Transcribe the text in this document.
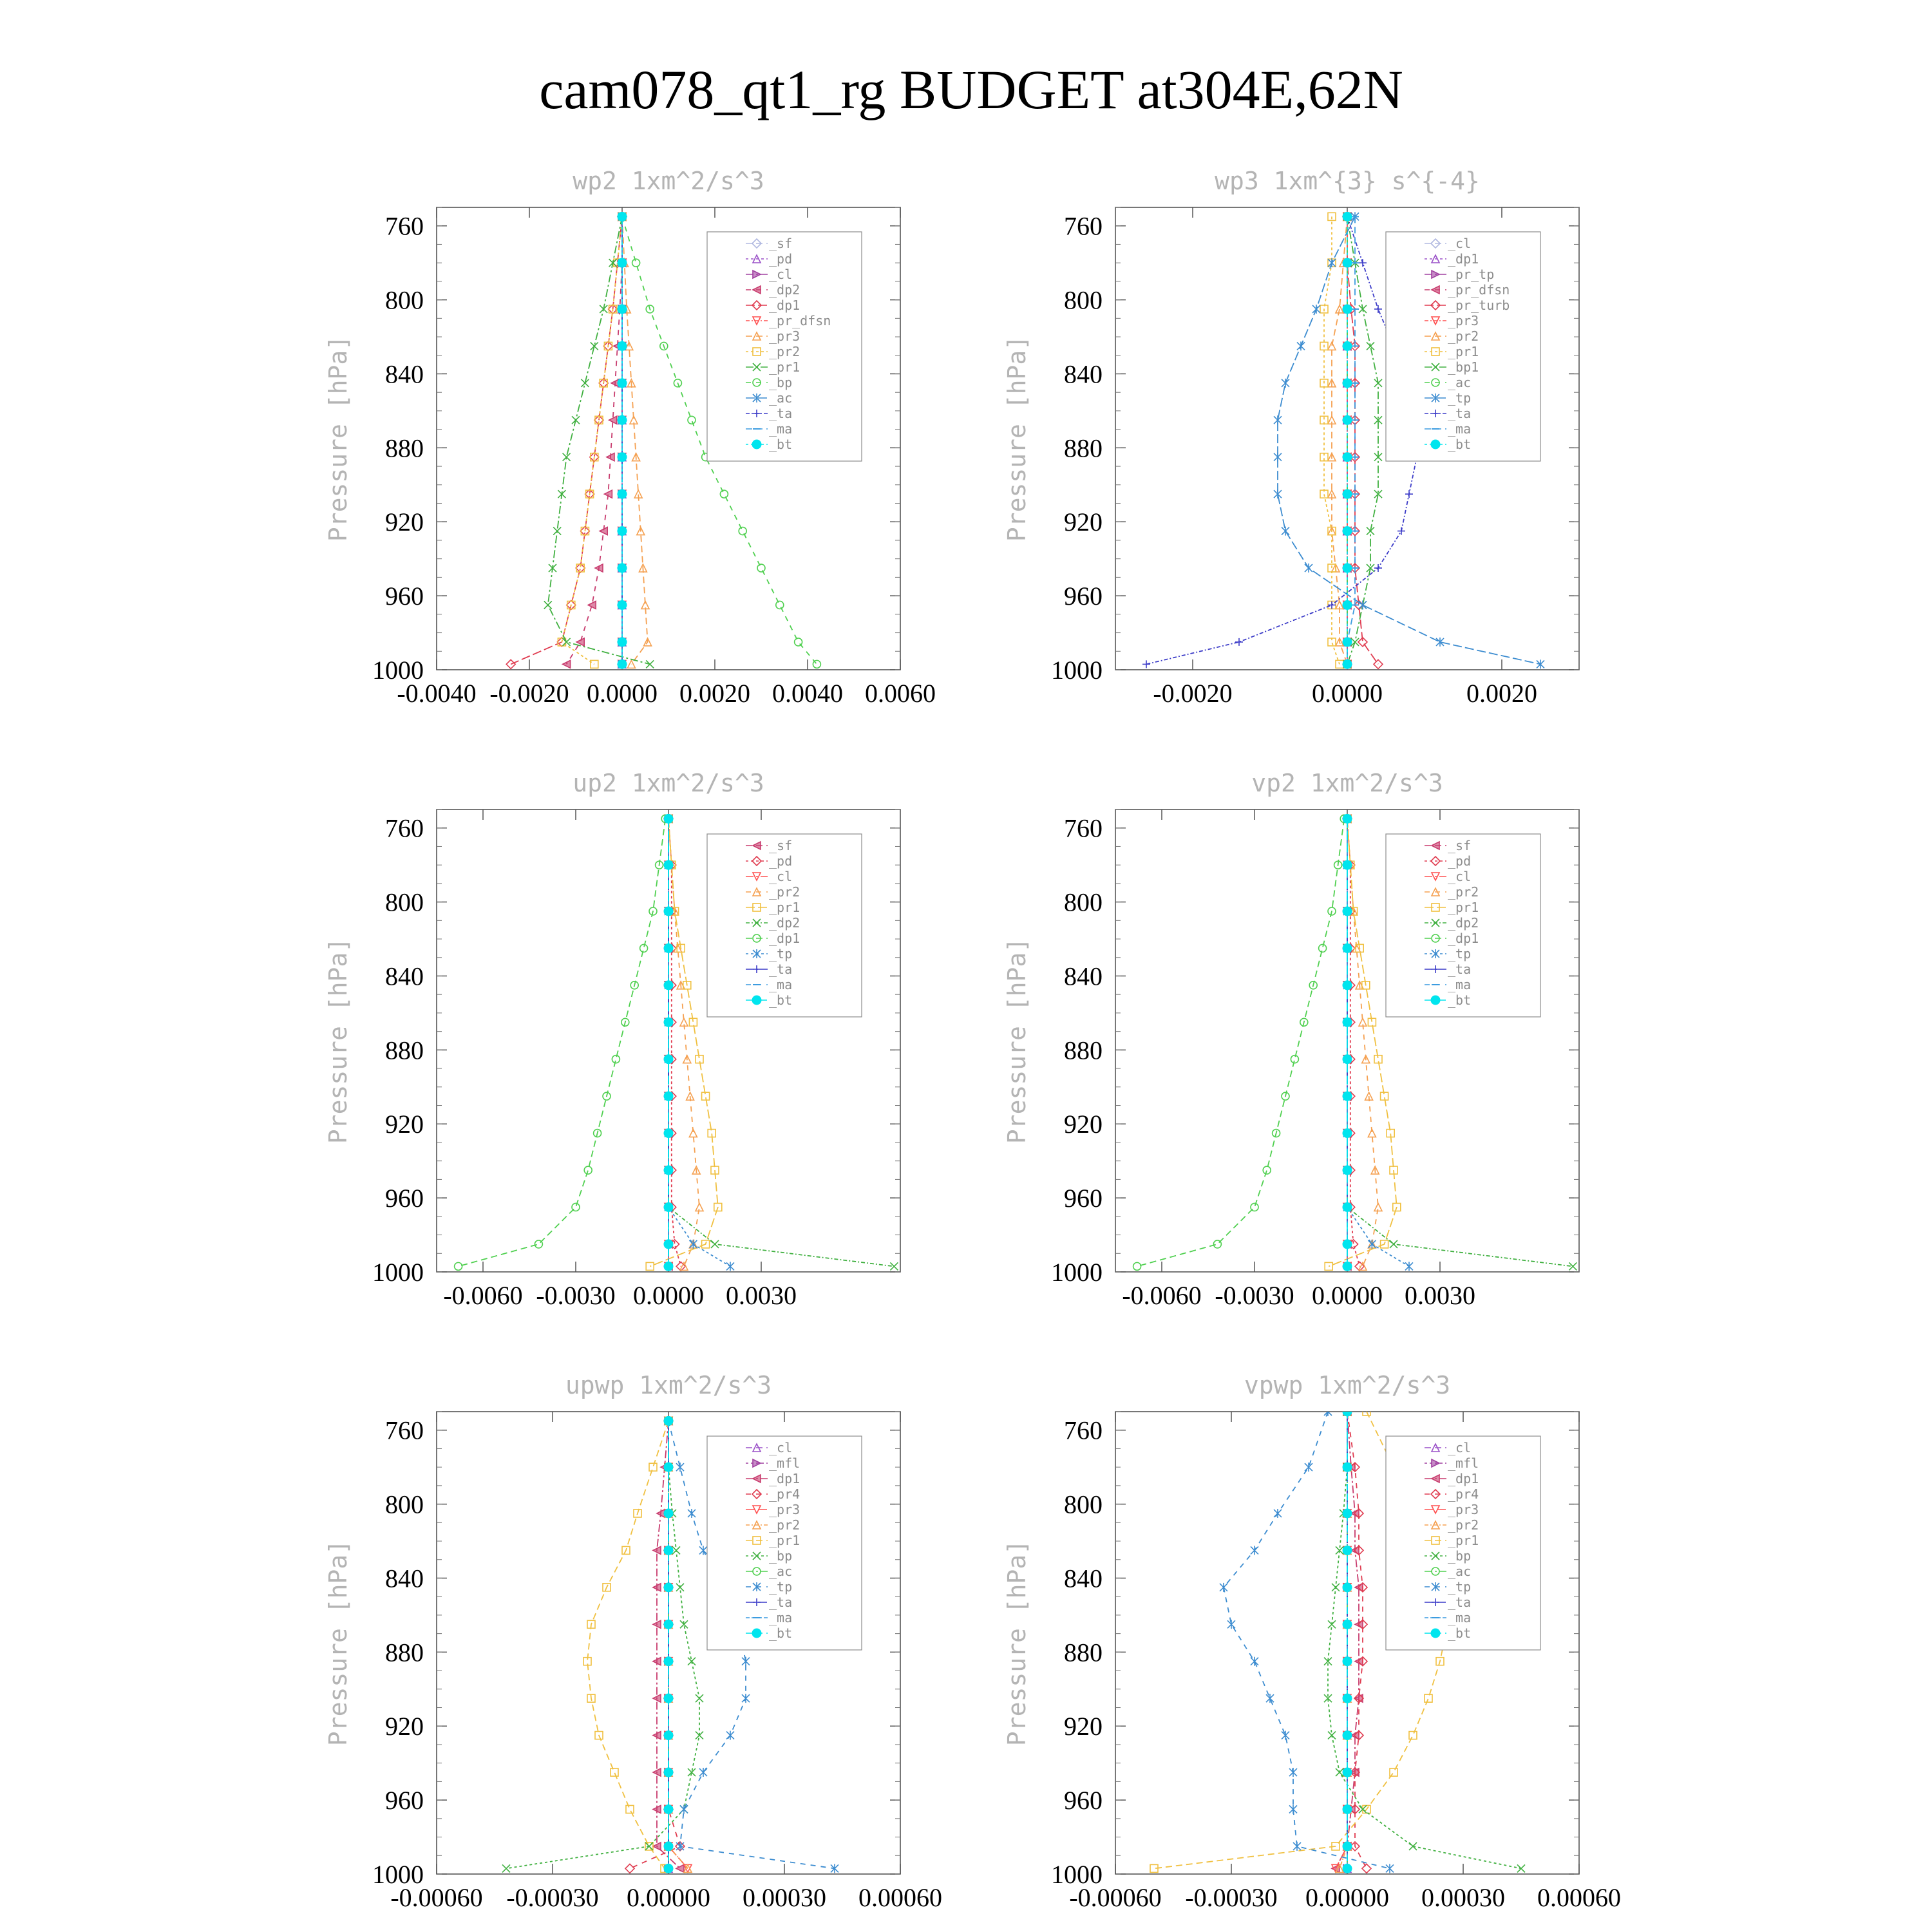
cam078_qt1_rg BUDGET at304E,62N
wp2 1xm^2/s^3
Pressure [hPa]
760
800
840
880
920
960
1000
-0.0040 -0.0020 0.0000 0.0020 0.0040 0.0060
_sf
_pd
_cl
_dp2
_dp1
_pr_dfsn
_pr3
_pr2
_pr1
_bp
_ac
_ta
_ma
_bt
wp3 1xm^{3} s^{-4}
Pressure [hPa]
760
800
840
880
920
960
1000
-0.0020	0.0000	0.0020
_cl
_dp1
_pr_tp
_pr_dfsn
_pr_turb
_pr3
_pr2
_pr1
_bp1
_ac
_tp
_ta
_ma
_bt
up2 1xm^2/s^3
Pressure [hPa]
760
800
840
880
920
960
1000
-0.0060 -0.0030 0.0000 0.0030
_sf
_pd
_cl
_pr2
_pr1
_dp2
_dp1
_tp
_ta
_ma
_bt
vp2 1xm^2/s^3
Pressure [hPa]
760
800
840
880
920
960
1000
-0.0060 -0.0030 0.0000 0.0030
_sf
_pd
_cl
_pr2
_pr1
_dp2
_dp1
_tp
_ta
_ma
_bt
upwp 1xm^2/s^3
Pressure [hPa]
760
800
840
880
920
960
1000
-0.00060 -0.00030 0.00000 0.00030 0.00060
_cl
_mfl
_dp1
_pr4
_pr3
_pr2
_pr1
_bp
_ac
_tp
_ta
_ma
_bt
vpwp 1xm^2/s^3
Pressure [hPa]
760
800
840
880
920
960
1000
-0.00060 -0.00030 0.00000 0.00030 0.00060
_cl
_mfl
_dp1
_pr4
_pr3
_pr2
_pr1
_bp
_ac
_tp
_ta
_ma
_bt
